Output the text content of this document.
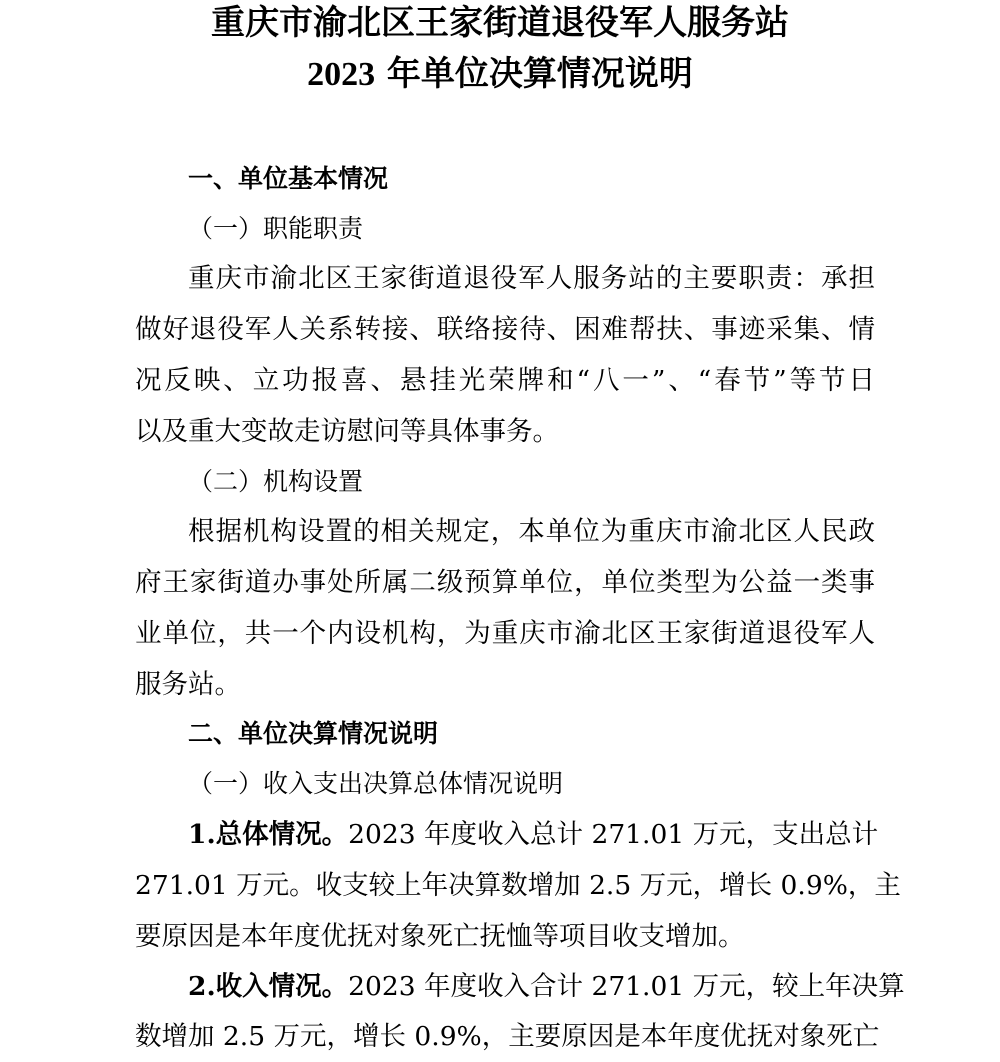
重庆市渝北区王家街道退役军人服务站
2023 年单位决算情况说明

一、单位基本情况

（一）职能职责

重庆市渝北区王家街道退役军人服务站的主要职责：承担

做好退役军人关系转接、联络接待、困难帮扶、事迹采集、情

况反映、立功报喜、悬挂光荣牌和“八一”、“春节”等节日

以及重大变故走访慰问等具体事务。

（二）机构设置

根据机构设置的相关规定，本单位为重庆市渝北区人民政

府王家街道办事处所属二级预算单位，单位类型为公益一类事

业单位，共一个内设机构，为重庆市渝北区王家街道退役军人

服务站。

二、单位决算情况说明

（一）收入支出决算总体情况说明

1.总体情况。2023 年度收入总计 271.01 万元，支出总计

271.01 万元。收支较上年决算数增加 2.5 万元，增长 0.9%，主

要原因是本年度优抚对象死亡抚恤等项目收支增加。

2.收入情况。2023 年度收入合计 271.01 万元，较上年决算

数增加 2.5 万元，增长 0.9%，主要原因是本年度优抚对象死亡
